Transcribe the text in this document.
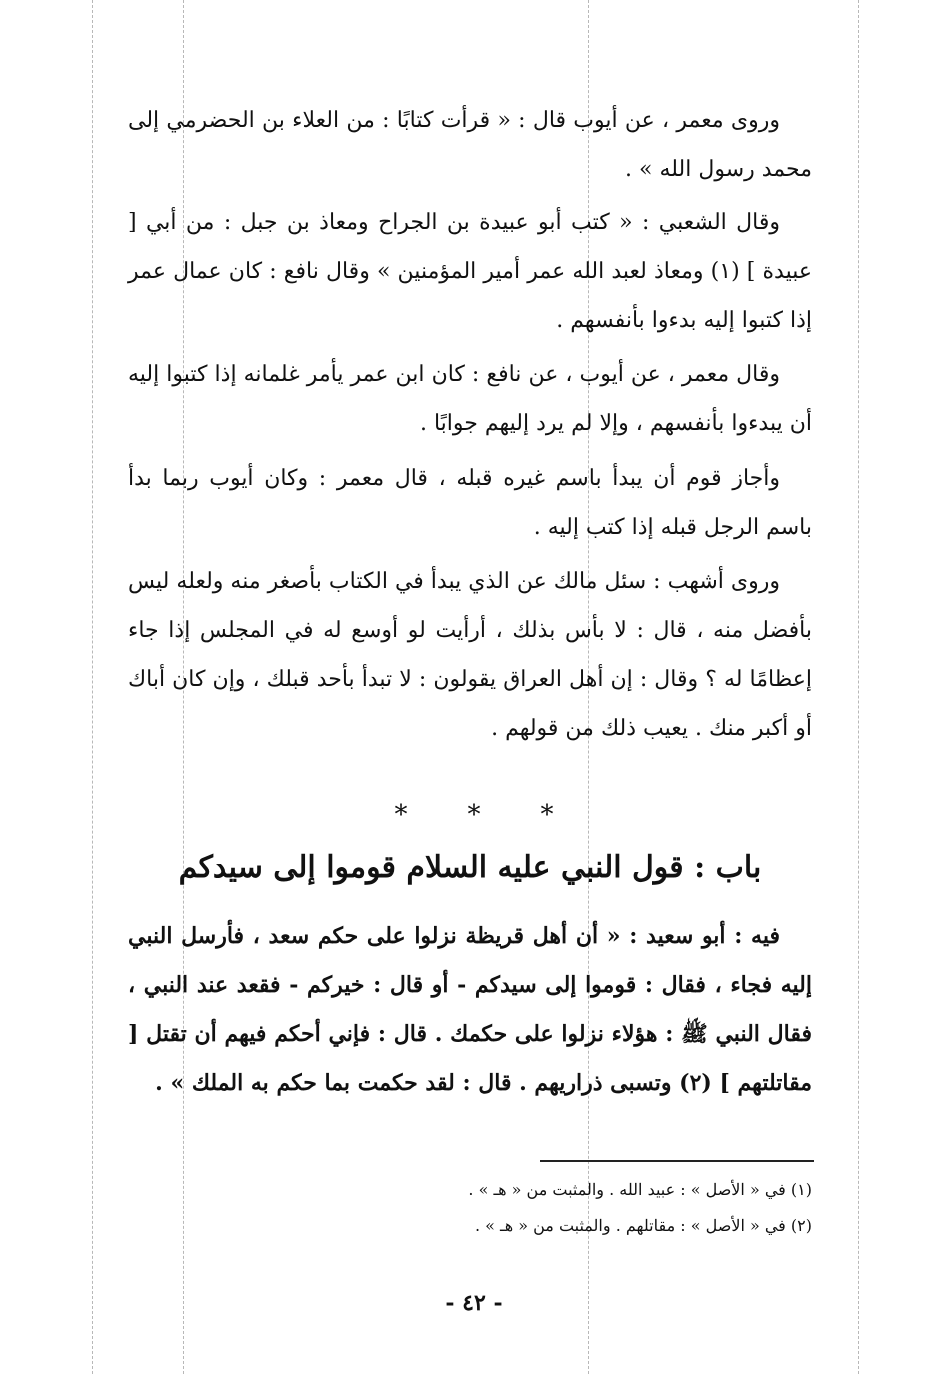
وروى معمر ، عن أيوب قال : « قرأت كتابًا : من العلاء بن الحضرمي إلى محمد رسول الله » .

وقال الشعبي : « كتب أبو عبيدة بن الجراح ومعاذ بن جبل : من أبي [ عبيدة ] (١) ومعاذ لعبد الله عمر أمير المؤمنين » وقال نافع : كان عمال عمر إذا كتبوا إليه بدءوا بأنفسهم .

وقال معمر ، عن أيوب ، عن نافع : كان ابن عمر يأمر غلمانه إذا كتبوا إليه أن يبدءوا بأنفسهم ، وإلا لم يرد إليهم جوابًا .

وأجاز قوم أن يبدأ باسم غيره قبله ، قال معمر : وكان أيوب ربما بدأ باسم الرجل قبله إذا كتب إليه .

وروى أشهب : سئل مالك عن الذي يبدأ في الكتاب بأصغر منه ولعله ليس بأفضل منه ، قال : لا بأس بذلك ، أرأيت لو أوسع له في المجلس إذا جاء إعظامًا له ؟ وقال : إن أهل العراق يقولون : لا تبدأ بأحد قبلك ، وإن كان أباك أو أكبر منك . يعيب ذلك من قولهم .

***
باب : قول النبي عليه السلام قوموا إلى سيدكم

فيه : أبو سعيد : « أن أهل قريظة نزلوا على حكم سعد ، فأرسل النبي إليه فجاء ، فقال : قوموا إلى سيدكم - أو قال : خيركم - فقعد عند النبي ، فقال النبي ﷺ : هؤلاء نزلوا على حكمك . قال : فإني أحكم فيهم أن تقتل [ مقاتلتهم ] (٢) وتسبى ذراريهم . قال : لقد حكمت بما حكم به الملك » .

(١) في « الأصل » : عبيد الله . والمثبت من « هـ » .

(٢) في « الأصل » : مقاتلهم . والمثبت من « هـ » .

- ٤٢ -
